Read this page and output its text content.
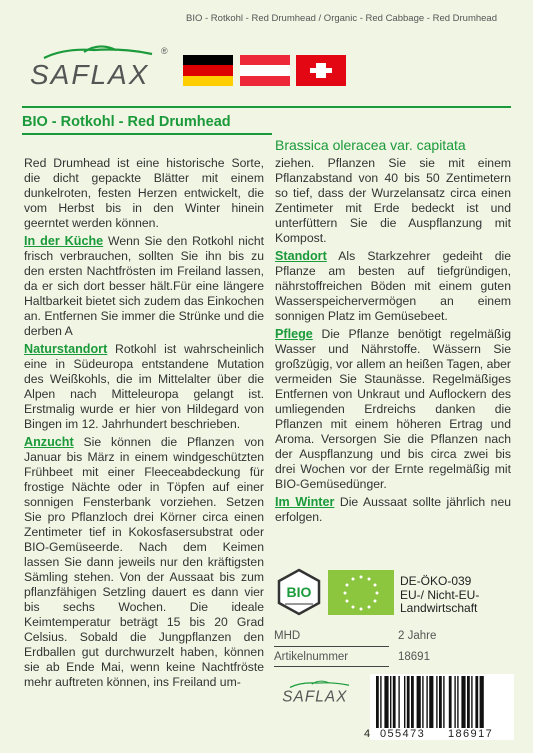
BIO - Rotkohl - Red Drumhead / Organic - Red Cabbage - Red Drumhead
SAFLAX
®
BIO - Rotkohl - Red Drumhead
Brassica oleracea var. capitata

Red Drumhead ist eine historische Sorte, die dicht gepackte Blätter mit einem dunkelroten, festen Herzen entwickelt, die vom Herbst bis in den Winter hinein geerntet werden können.

In der Küche Wenn Sie den Rotkohl nicht frisch verbrauchen, sollten Sie ihn bis zu den ersten Nachtfrösten im Freiland lassen, da er sich dort besser hält.Für eine längere Haltbarkeit bietet sich zudem das Einkochen an. Entfernen Sie immer die Strünke und die derben A

Naturstandort Rotkohl ist wahrscheinlich eine in Südeuropa entstandene Mutation des Weißkohls, die im Mittelalter über die Alpen nach Mitteleuropa gelangt ist. Erstmalig wurde er hier von Hildegard von Bingen im 12. Jahrhundert beschrieben.

Anzucht Sie können die Pflanzen von Januar bis März in einem windgeschützten Frühbeet mit einer Fleeceabdeckung für frostige Nächte oder in Töpfen auf einer sonnigen Fensterbank vorziehen. Setzen Sie pro Pflanzloch drei Körner circa einen Zentimeter tief in Kokosfasersubstrat oder BIO-Gemüseerde. Nach dem Keimen lassen Sie dann jeweils nur den kräftigsten Sämling stehen. Von der Aussaat bis zum pflanzfähigen Setzling dauert es dann vier bis sechs Wochen. Die ideale Keimtemperatur beträgt 15 bis 20 Grad Celsius. Sobald die Jungpflanzen den Erdballen gut durchwurzelt haben, können sie ab Ende Mai, wenn keine Nachtfröste mehr auftreten können, ins Freiland um-

ziehen. Pflanzen Sie sie mit einem Pflanzabstand von 40 bis 50 Zentimetern so tief, dass der Wurzelansatz circa einen Zentimeter mit Erde bedeckt ist und unterfüttern Sie die Auspflanzung mit Kompost.

Standort Als Starkzehrer gedeiht die Pflanze am besten auf tiefgründigen, nährstoffreichen Böden mit einem guten Wasserspeichervermögen an einem sonnigen Platz im Gemüsebeet.

Pflege Die Pflanze benötigt regelmäßig Wasser und Nährstoffe. Wässern Sie großzügig, vor allem an heißen Tagen, aber vermeiden Sie Staunässe. Regelmäßiges Entfernen von Unkraut und Auflockern des umliegenden Erdreichs danken die Pflanzen mit einem höheren Ertrag und Aroma. Versorgen Sie die Pflanzen nach der Auspflanzung und bis circa zwei bis drei Wochen vor der Ernte regelmäßig mit BIO-Gemüsedünger.

Im Winter Die Aussaat sollte jährlich neu erfolgen.

BIO
DE-ÖKO-039
EU-/ Nicht-EU-
Landwirtschaft
MHD	2 Jahre
Artikelnummer	18691
SAFLAX
4 055473 186917
